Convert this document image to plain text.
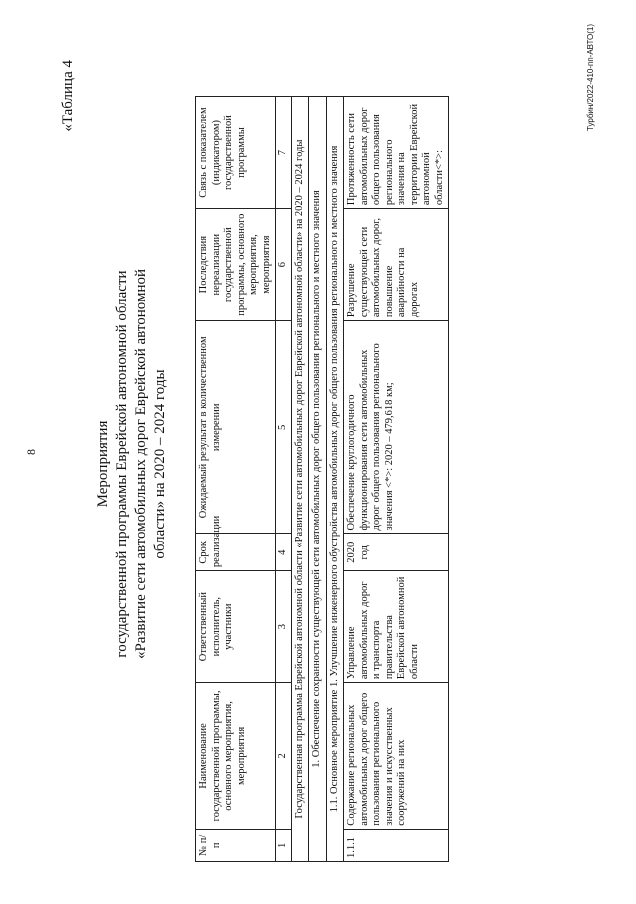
8
«Таблица 4
Мероприятия государственной программы Еврейской автономной области «Развитие сети автомобильных дорог Еврейской автономной области» на 2020 – 2024 годы
№ п/п	Наименование государственной программы, основного мероприятия, мероприятия	Ответственный исполнитель, участники	Срок реализации	Ожидаемый результат в количественном измерении	Последствия нереализации государственной программы, основного мероприятия, мероприятия	Связь с показателем (индикатором) государственной программы
1	2	3	4	5	6	7
Государственная программа Еврейской автономной области «Развитие сети автомобильных дорог Еврейской автономной области» на 2020 – 2024 годы						
1. Обеспечение сохранности существующей сети автомобильных дорог общего пользования регионального и местного значения						
1.1. Основное мероприятие 1. Улучшение инженерного обустройства автомобильных дорог общего пользования регионального и местного значения						
1.1.1	Содержание региональных автомобильных дорог общего пользования регионального значения и искусственных сооружений на них	Управление автомобильных дорог и транспорта правительства Еврейской автономной области	2020 год	Обеспечение круглогодичного функционирования сети автомобильных дорог общего пользования регионального значения <*>: 2020 – 479,618 км;	Разрушение существующей сети автомобильных дорог, повышение аварийности на дорогах	Протяженность сети автомобильных дорог общего пользования регионального значения на территории Еврейской автономной области<*>:
Турбин/2022-410-пп-АВТО(1)
